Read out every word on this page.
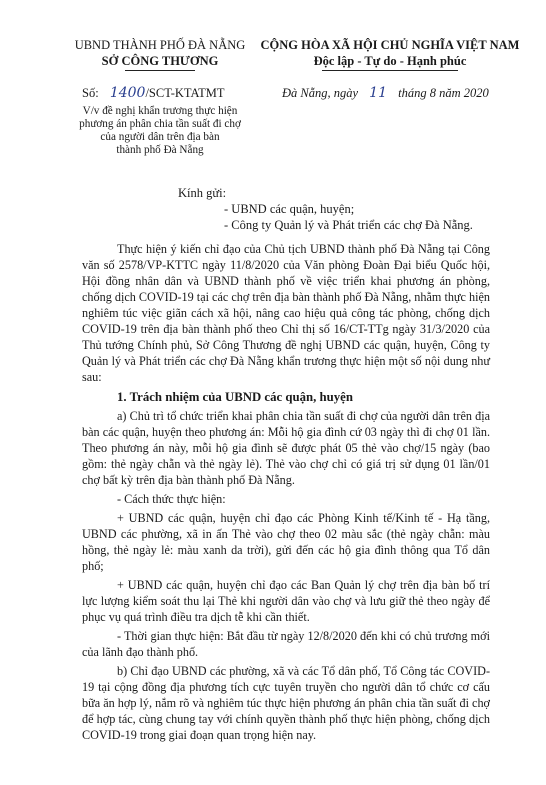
UBND THÀNH PHỐ ĐÀ NẴNG
SỞ CÔNG THƯƠNG
Số: 1400/SCT-KTATMT
V/v đề nghị khẩn trương thực hiện
phương án phân chia tần suất đi chợ
của người dân trên địa bàn
thành phố Đà Nẵng
CỘNG HÒA XÃ HỘI CHỦ NGHĨA VIỆT NAM
Độc lập - Tự do - Hạnh phúc
Đà Nẵng, ngày 11 tháng 8 năm 2020
Kính gửi:
- UBND các quận, huyện;
- Công ty Quản lý và Phát triển các chợ Đà Nẵng.

Thực hiện ý kiến chỉ đạo của Chủ tịch UBND thành phố Đà Nẵng tại Công văn số 2578/VP-KTTC ngày 11/8/2020 của Văn phòng Đoàn Đại biểu Quốc hội, Hội đồng nhân dân và UBND thành phố về việc triển khai phương án phòng, chống dịch COVID-19 tại các chợ trên địa bàn thành phố Đà Nẵng, nhằm thực hiện nghiêm túc việc giãn cách xã hội, nâng cao hiệu quả công tác phòng, chống dịch COVID-19 trên địa bàn thành phố theo Chỉ thị số 16/CT-TTg ngày 31/3/2020 của Thủ tướng Chính phủ, Sở Công Thương đề nghị UBND các quận, huyện, Công ty Quản lý và Phát triển các chợ Đà Nẵng khẩn trương thực hiện một số nội dung như sau:

1. Trách nhiệm của UBND các quận, huyện

a) Chủ trì tổ chức triển khai phân chia tần suất đi chợ của người dân trên địa bàn các quận, huyện theo phương án: Mỗi hộ gia đình cứ 03 ngày thì đi chợ 01 lần. Theo phương án này, mỗi hộ gia đình sẽ được phát 05 thẻ vào chợ/15 ngày (bao gồm: thẻ ngày chẵn và thẻ ngày lẻ). Thẻ vào chợ chỉ có giá trị sử dụng 01 lần/01 chợ bất kỳ trên địa bàn thành phố Đà Nẵng.

- Cách thức thực hiện:

+ UBND các quận, huyện chỉ đạo các Phòng Kinh tế/Kinh tế - Hạ tầng, UBND các phường, xã in ấn Thẻ vào chợ theo 02 màu sắc (thẻ ngày chẵn: màu hồng, thẻ ngày lẻ: màu xanh da trời), gửi đến các hộ gia đình thông qua Tổ dân phố;

+ UBND các quận, huyện chỉ đạo các Ban Quản lý chợ trên địa bàn bố trí lực lượng kiểm soát thu lại Thẻ khi người dân vào chợ và lưu giữ thẻ theo ngày để phục vụ quá trình điều tra dịch tễ khi cần thiết.

- Thời gian thực hiện: Bắt đầu từ ngày 12/8/2020 đến khi có chủ trương mới của lãnh đạo thành phố.

b) Chỉ đạo UBND các phường, xã và các Tổ dân phố, Tổ Công tác COVID-19 tại cộng đồng địa phương tích cực tuyên truyền cho người dân tổ chức cơ cấu bữa ăn hợp lý, nắm rõ và nghiêm túc thực hiện phương án phân chia tần suất đi chợ để hợp tác, cùng chung tay với chính quyền thành phố thực hiện phòng, chống dịch COVID-19 trong giai đoạn quan trọng hiện nay.
